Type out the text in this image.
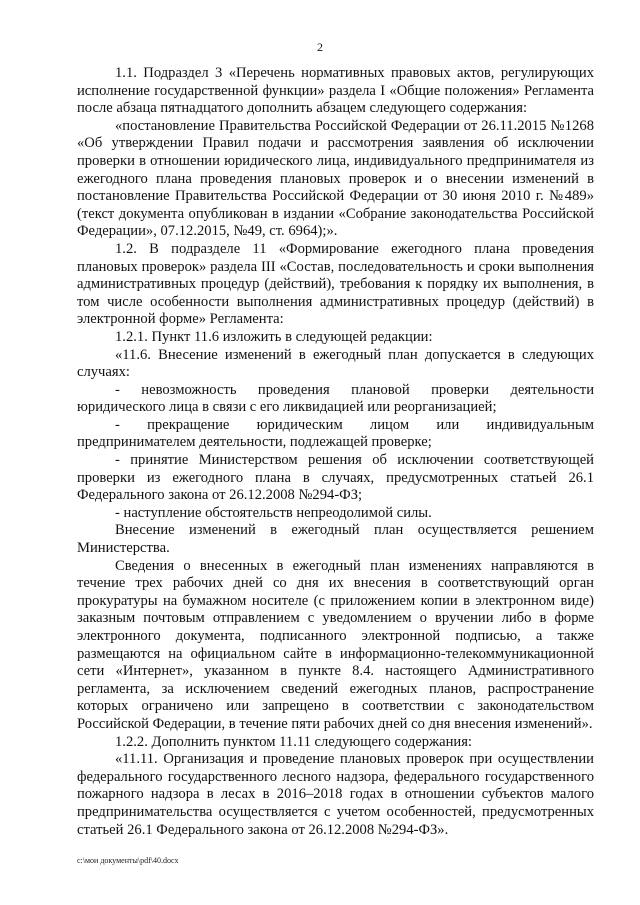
2

1.1. Подраздел 3 «Перечень нормативных правовых актов, регулирующих исполнение государственной функции» раздела I «Общие положения» Регламента после абзаца пятнадцатого дополнить абзацем следующего содержания:

«постановление Правительства Российской Федерации от 26.11.2015 №1268 «Об утверждении Правил подачи и рассмотрения заявления об исключении проверки в отношении юридического лица, индивидуального предпринимателя из ежегодного плана проведения плановых проверок и о внесении изменений в постановление Правительства Российской Федерации от 30 июня 2010 г. №489» (текст документа опубликован в издании «Собрание законодательства Российской Федерации», 07.12.2015, №49, ст. 6964);».

1.2. В подразделе 11 «Формирование ежегодного плана проведения плановых проверок» раздела III «Состав, последовательность и сроки выполнения административных процедур (действий), требования к порядку их выполнения, в том числе особенности выполнения административных процедур (действий) в электронной форме» Регламента:

1.2.1. Пункт 11.6 изложить в следующей редакции:

«11.6. Внесение изменений в ежегодный план допускается в следующих случаях:

- невозможность проведения плановой проверки деятельности юридического лица в связи с его ликвидацией или реорганизацией;

- прекращение юридическим лицом или индивидуальным предпринимателем деятельности, подлежащей проверке;

- принятие Министерством решения об исключении соответствующей проверки из ежегодного плана в случаях, предусмотренных статьей 26.1 Федерального закона от 26.12.2008 №294-ФЗ;

- наступление обстоятельств непреодолимой силы.

Внесение изменений в ежегодный план осуществляется решением Министерства.

Сведения о внесенных в ежегодный план изменениях направляются в течение трех рабочих дней со дня их внесения в соответствующий орган прокуратуры на бумажном носителе (с приложением копии в электронном виде) заказным почтовым отправлением с уведомлением о вручении либо в форме электронного документа, подписанного электронной подписью, а также размещаются на официальном сайте в информационно-телекоммуникационной сети «Интернет», указанном в пункте 8.4. настоящего Административного регламента, за исключением сведений ежегодных планов, распространение которых ограничено или запрещено в соответствии с законодательством Российской Федерации, в течение пяти рабочих дней со дня внесения изменений».

1.2.2. Дополнить пунктом 11.11 следующего содержания:

«11.11. Организация и проведение плановых проверок при осуществлении федерального государственного лесного надзора, федерального государственного пожарного надзора в лесах в 2016–2018 годах в отношении субъектов малого предпринимательства осуществляется с учетом особенностей, предусмотренных статьей 26.1 Федерального закона от 26.12.2008 №294-ФЗ».

c:\мои документы\pdf\40.docx
